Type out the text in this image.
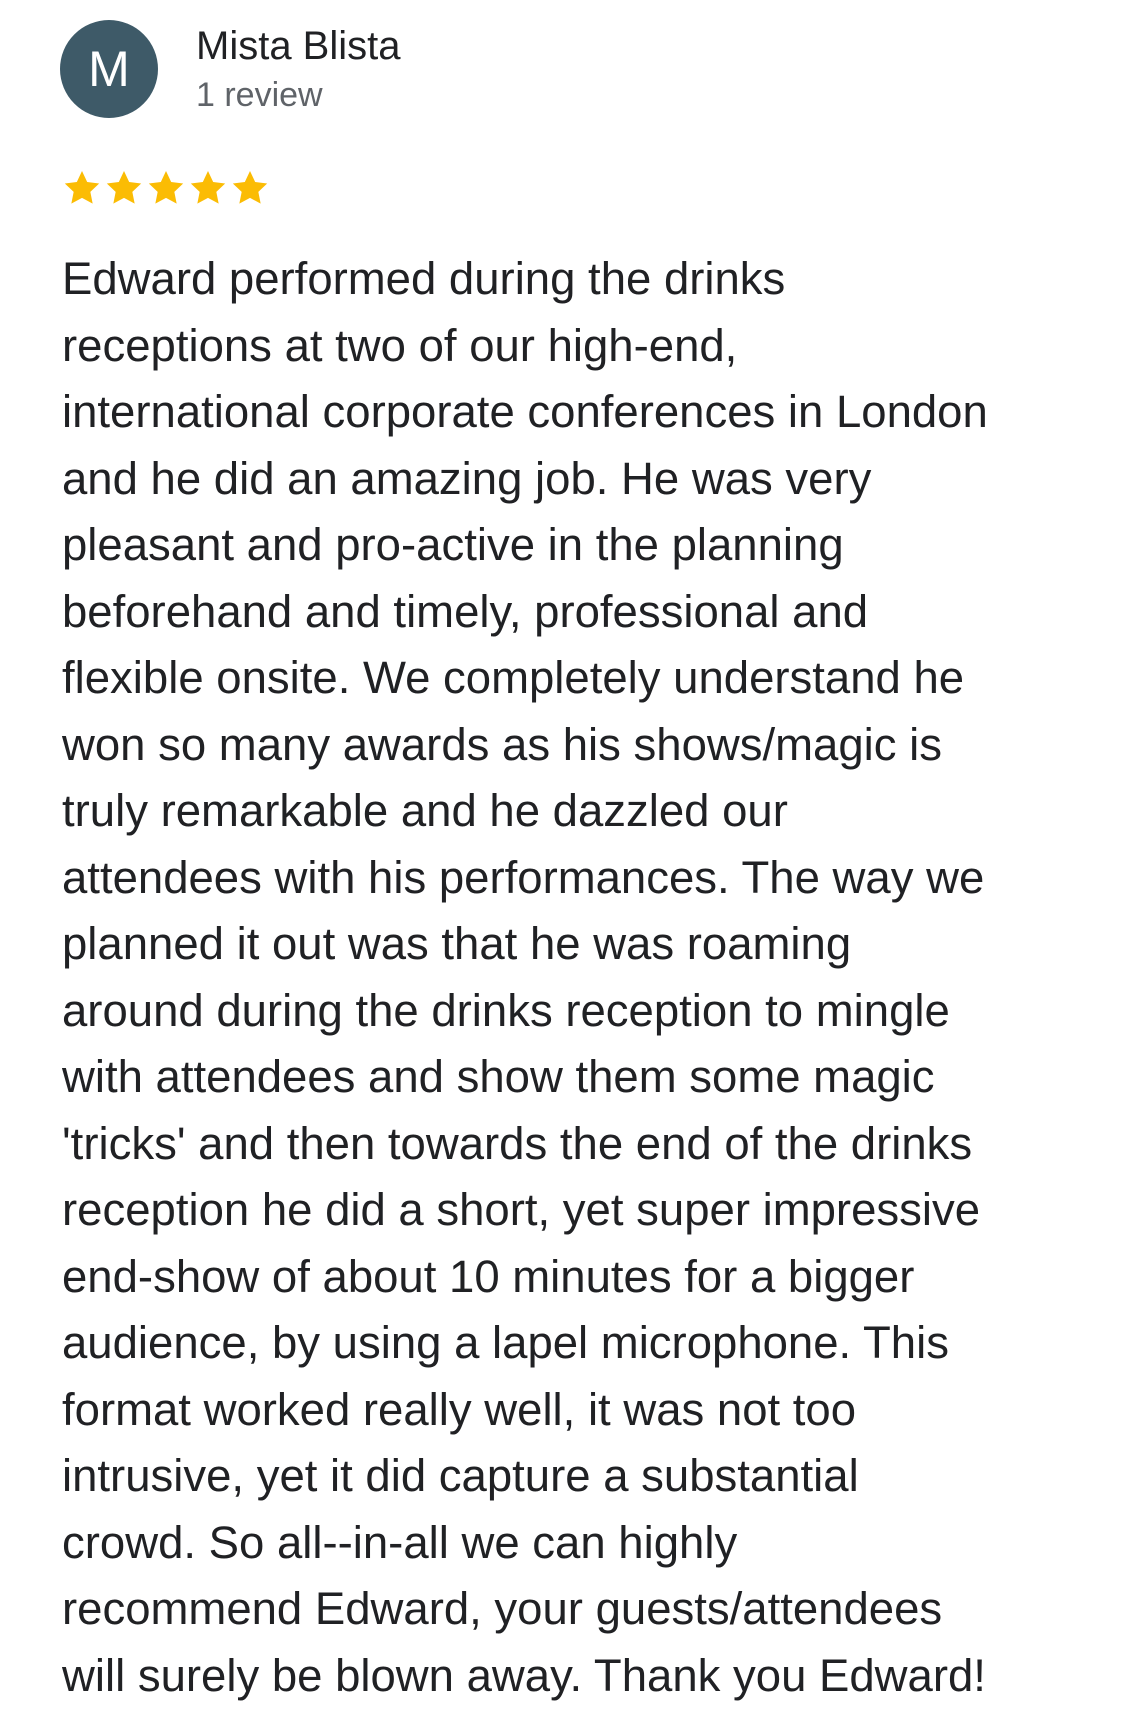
M	Mista Blista
1 review

Edward performed during the drinks
receptions at two of our high-end,
international corporate conferences in London
and he did an amazing job. He was very
pleasant and pro-active in the planning
beforehand and timely, professional and
flexible onsite. We completely understand he
won so many awards as his shows/magic is
truly remarkable and he dazzled our
attendees with his performances. The way we
planned it out was that he was roaming
around during the drinks reception to mingle
with attendees and show them some magic
'tricks' and then towards the end of the drinks
reception he did a short, yet super impressive
end-show of about 10 minutes for a bigger
audience, by using a lapel microphone. This
format worked really well, it was not too
intrusive, yet it did capture a substantial
crowd. So all--in-all we can highly
recommend Edward, your guests/attendees
will surely be blown away. Thank you Edward!
